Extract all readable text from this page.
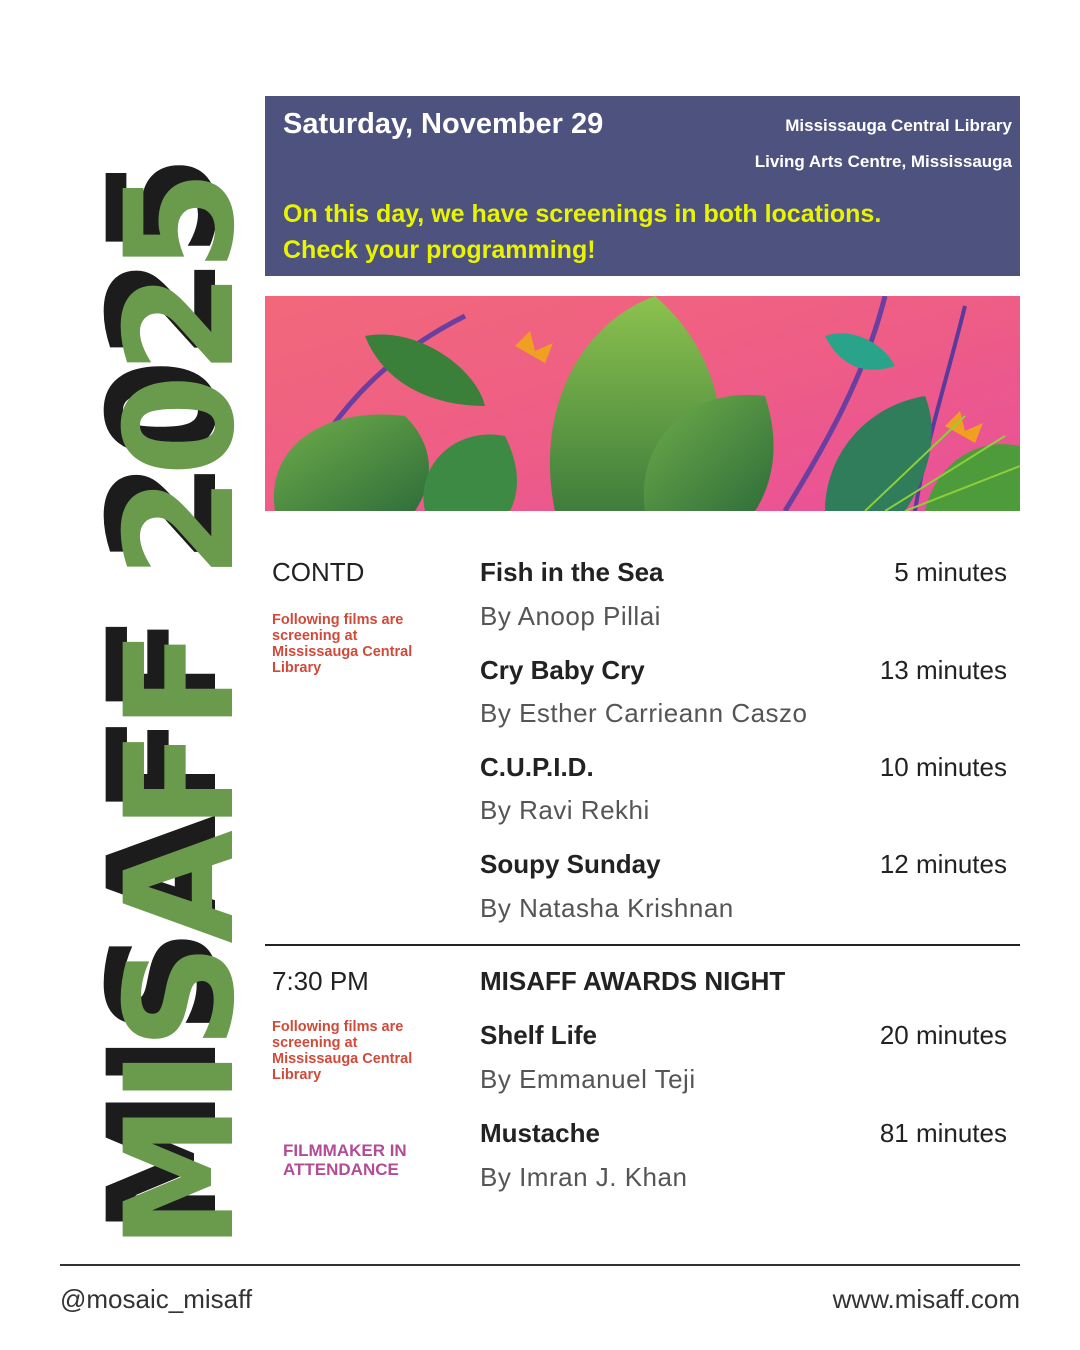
MISAFF 2025
MISAFF 2025
Saturday, November 29	Mississauga Central Library
Living Arts Centre, Mississauga
On this day, we have screenings in both locations.
Check your programming!
CONTD
Following films are screening at Mississauga Central Library
Fish in the Sea	5 minutes
By Anoop Pillai
Cry Baby Cry	13 minutes
By Esther Carrieann Caszo
C.U.P.I.D.	10 minutes
By Ravi Rekhi
Soupy Sunday	12 minutes
By Natasha Krishnan
7:30 PM	MISAFF AWARDS NIGHT
Following films are screening at Mississauga Central Library
FILMMAKER IN ATTENDANCE
Shelf Life	20 minutes
By Emmanuel Teji
Mustache	81 minutes
By Imran J. Khan
@mosaic_misaff	www.misaff.com
